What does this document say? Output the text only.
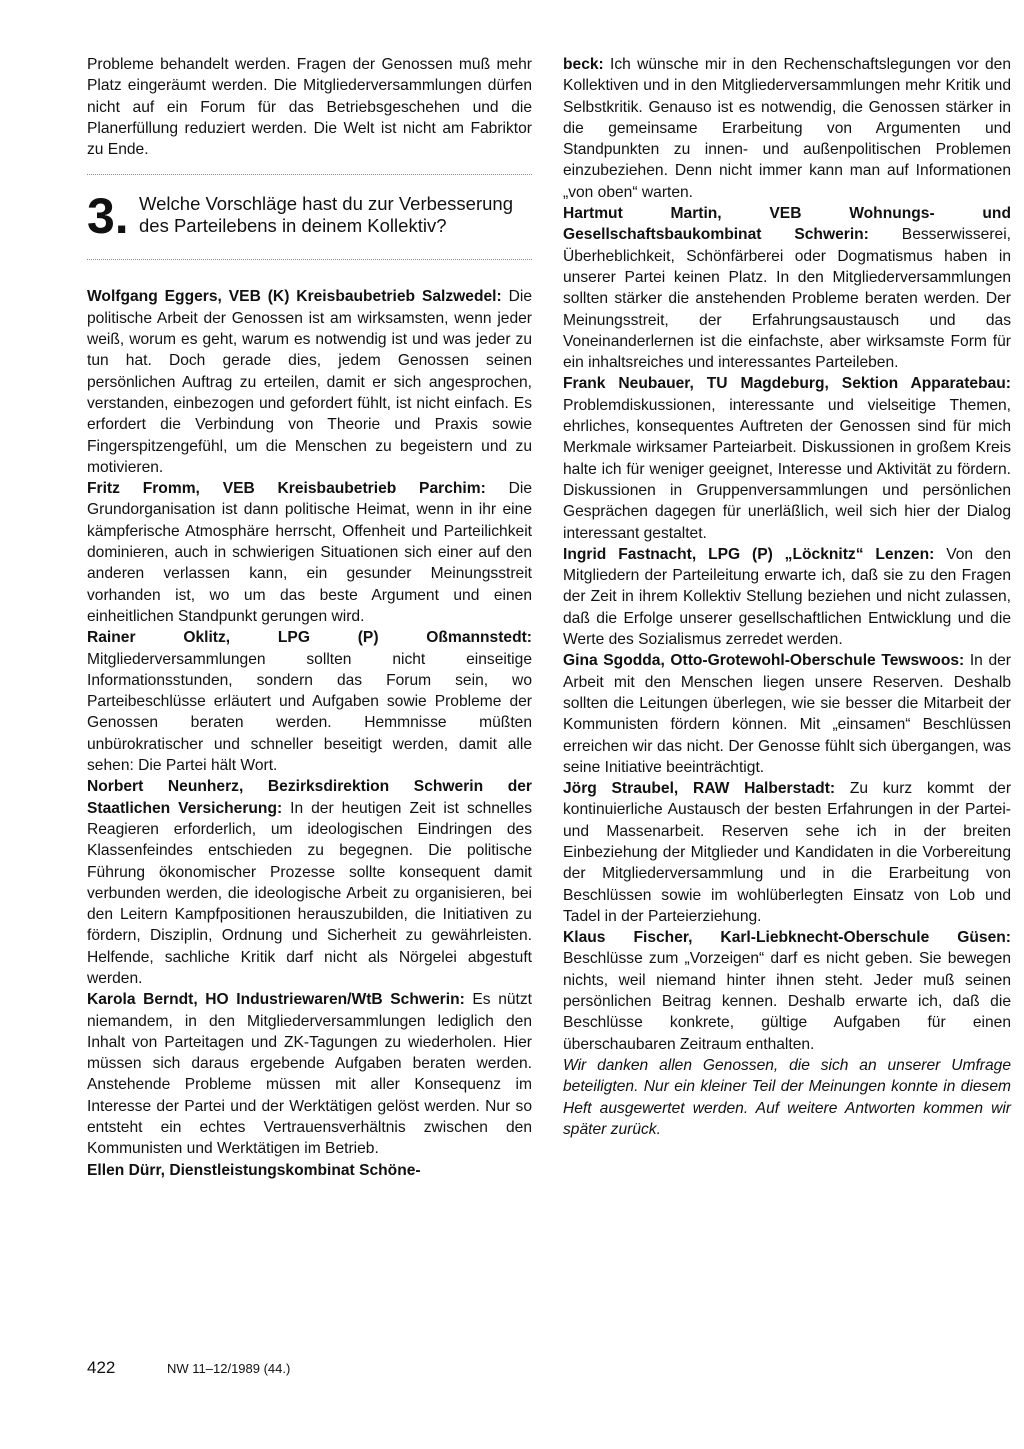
Probleme behandelt werden. Fragen der Genossen muß mehr Platz eingeräumt werden. Die Mitgliederversammlungen dürfen nicht auf ein Forum für das Betriebsgeschehen und die Planerfüllung reduziert werden. Die Welt ist nicht am Fabriktor zu Ende.

3. Welche Vorschläge hast du zur Verbesserung des Parteilebens in deinem Kollektiv?

Wolfgang Eggers, VEB (K) Kreisbaubetrieb Salzwedel: Die politische Arbeit der Genossen ist am wirksamsten, wenn jeder weiß, worum es geht, warum es notwendig ist und was jeder zu tun hat. Doch gerade dies, jedem Genossen seinen persönlichen Auftrag zu erteilen, damit er sich angesprochen, verstanden, einbezogen und gefordert fühlt, ist nicht einfach. Es erfordert die Verbindung von Theorie und Praxis sowie Fingerspitzengefühl, um die Menschen zu begeistern und zu motivieren.

Fritz Fromm, VEB Kreisbaubetrieb Parchim: Die Grundorganisation ist dann politische Heimat, wenn in ihr eine kämpferische Atmosphäre herrscht, Offenheit und Parteilichkeit dominieren, auch in schwierigen Situationen sich einer auf den anderen verlassen kann, ein gesunder Meinungsstreit vorhanden ist, wo um das beste Argument und einen einheitlichen Standpunkt gerungen wird.

Rainer Oklitz, LPG (P) Oßmannstedt: Mitgliederversammlungen sollten nicht einseitige Informationsstunden, sondern das Forum sein, wo Parteibeschlüsse erläutert und Aufgaben sowie Probleme der Genossen beraten werden. Hemmnisse müßten unbürokratischer und schneller beseitigt werden, damit alle sehen: Die Partei hält Wort.

Norbert Neunherz, Bezirksdirektion Schwerin der Staatlichen Versicherung: In der heutigen Zeit ist schnelles Reagieren erforderlich, um ideologischen Eindringen des Klassenfeindes entschieden zu begegnen. Die politische Führung ökonomischer Prozesse sollte konsequent damit verbunden werden, die ideologische Arbeit zu organisieren, bei den Leitern Kampfpositionen herauszubilden, die Initiativen zu fördern, Disziplin, Ordnung und Sicherheit zu gewährleisten. Helfende, sachliche Kritik darf nicht als Nörgelei abgestuft werden.

Karola Berndt, HO Industriewaren/WtB Schwerin: Es nützt niemandem, in den Mitgliederversammlungen lediglich den Inhalt von Parteitagen und ZK-Tagungen zu wiederholen. Hier müssen sich daraus ergebende Aufgaben beraten werden. Anstehende Probleme müssen mit aller Konsequenz im Interesse der Partei und der Werktätigen gelöst werden. Nur so entsteht ein echtes Vertrauensverhältnis zwischen den Kommunisten und Werktätigen im Betrieb.

Ellen Dürr, Dienstleistungskombinat Schöne-

beck: Ich wünsche mir in den Rechenschaftslegungen vor den Kollektiven und in den Mitgliederversammlungen mehr Kritik und Selbstkritik. Genauso ist es notwendig, die Genossen stärker in die gemeinsame Erarbeitung von Argumenten und Standpunkten zu innen- und außenpolitischen Problemen einzubeziehen. Denn nicht immer kann man auf Informationen „von oben“ warten.

Hartmut Martin, VEB Wohnungs- und Gesellschaftsbaukombinat Schwerin: Besserwisserei, Überheblichkeit, Schönfärberei oder Dogmatismus haben in unserer Partei keinen Platz. In den Mitgliederversammlungen sollten stärker die anstehenden Probleme beraten werden. Der Meinungsstreit, der Erfahrungsaustausch und das Voneinanderlernen ist die einfachste, aber wirksamste Form für ein inhaltsreiches und interessantes Parteileben.

Frank Neubauer, TU Magdeburg, Sektion Apparatebau: Problemdiskussionen, interessante und vielseitige Themen, ehrliches, konsequentes Auftreten der Genossen sind für mich Merkmale wirksamer Parteiarbeit. Diskussionen in großem Kreis halte ich für weniger geeignet, Interesse und Aktivität zu fördern. Diskussionen in Gruppenversammlungen und persönlichen Gesprächen dagegen für unerläßlich, weil sich hier der Dialog interessant gestaltet.

Ingrid Fastnacht, LPG (P) „Löcknitz“ Lenzen: Von den Mitgliedern der Parteileitung erwarte ich, daß sie zu den Fragen der Zeit in ihrem Kollektiv Stellung beziehen und nicht zulassen, daß die Erfolge unserer gesellschaftlichen Entwicklung und die Werte des Sozialismus zerredet werden.

Gina Sgodda, Otto-Grotewohl-Oberschule Tewswoos: In der Arbeit mit den Menschen liegen unsere Reserven. Deshalb sollten die Leitungen überlegen, wie sie besser die Mitarbeit der Kommunisten fördern können. Mit „einsamen“ Beschlüssen erreichen wir das nicht. Der Genosse fühlt sich übergangen, was seine Initiative beeinträchtigt.

Jörg Straubel, RAW Halberstadt: Zu kurz kommt der kontinuierliche Austausch der besten Erfahrungen in der Partei- und Massenarbeit. Reserven sehe ich in der breiten Einbeziehung der Mitglieder und Kandidaten in die Vorbereitung der Mitgliederversammlung und in die Erarbeitung von Beschlüssen sowie im wohlüberlegten Einsatz von Lob und Tadel in der Parteierziehung.

Klaus Fischer, Karl-Liebknecht-Oberschule Güsen: Beschlüsse zum „Vorzeigen“ darf es nicht geben. Sie bewegen nichts, weil niemand hinter ihnen steht. Jeder muß seinen persönlichen Beitrag kennen. Deshalb erwarte ich, daß die Beschlüsse konkrete, gültige Aufgaben für einen überschaubaren Zeitraum enthalten.

Wir danken allen Genossen, die sich an unserer Umfrage beteiligten. Nur ein kleiner Teil der Meinungen konnte in diesem Heft ausgewertet werden. Auf weitere Antworten kommen wir später zurück.

422	NW 11–12/1989 (44.)
